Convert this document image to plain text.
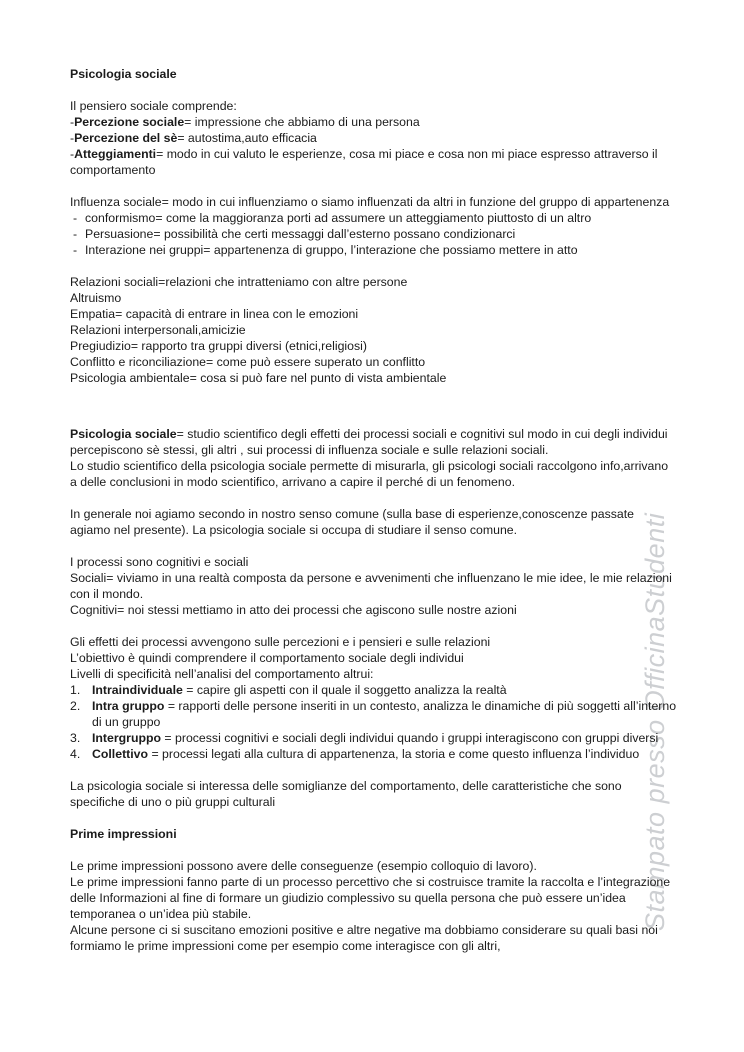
Stampato presso OfficinaStudenti
Psicologia sociale
Il pensiero sociale comprende:
-Percezione sociale= impressione che abbiamo di una persona
-Percezione del sè= autostima,auto efficacia
-Atteggiamenti= modo in cui valuto le esperienze, cosa mi piace e cosa non mi piace espresso attraverso il comportamento
Influenza sociale= modo in cui influenziamo o siamo influenzati da altri in funzione del gruppo di appartenenza
- conformismo= come la maggioranza porti ad assumere un atteggiamento piuttosto di un altro
- Persuasione= possibilità che certi messaggi dall’esterno possano condizionarci
- Interazione nei gruppi= appartenenza di gruppo, l’interazione che possiamo mettere in atto
Relazioni sociali=relazioni che intratteniamo con altre persone
Altruismo
Empatia= capacità di entrare in linea con le emozioni
Relazioni interpersonali,amicizie
Pregiudizio= rapporto tra gruppi diversi (etnici,religiosi)
Conflitto e riconciliazione= come può essere superato un conflitto
Psicologia ambientale= cosa si può fare nel punto di vista ambientale
Psicologia sociale= studio scientifico degli effetti dei processi sociali e cognitivi sul modo in cui degli individui percepiscono sè stessi, gli altri , sui processi di influenza sociale e sulle relazioni sociali.
Lo studio scientifico della psicologia sociale permette di misurarla, gli psicologi sociali raccolgono info,arrivano a delle conclusioni in modo scientifico, arrivano a capire il perché di un fenomeno.
In generale noi agiamo secondo in nostro senso comune (sulla base di esperienze,conoscenze passate agiamo nel presente). La psicologia sociale si occupa di studiare il senso comune.
I processi sono cognitivi e sociali
Sociali= viviamo in una realtà composta da persone e avvenimenti che influenzano le mie idee, le mie relazioni con il mondo.
Cognitivi= noi stessi mettiamo in atto dei processi che agiscono sulle nostre azioni
Gli effetti dei processi avvengono sulle percezioni e i pensieri e sulle relazioni
L’obiettivo è quindi comprendere il comportamento sociale degli individui
Livelli di specificità nell’analisi del comportamento altrui:
1. Intraindividuale = capire gli aspetti con il quale il soggetto analizza la realtà
2. Intra gruppo = rapporti delle persone inseriti in un contesto, analizza le dinamiche di più soggetti all’interno di un gruppo
3. Intergruppo = processi cognitivi e sociali degli individui quando i gruppi interagiscono con gruppi diversi
4. Collettivo = processi legati alla cultura di appartenenza, la storia e come questo influenza l’individuo
La psicologia sociale si interessa delle somiglianze del comportamento, delle caratteristiche che sono specifiche di uno o più gruppi culturali
Prime impressioni
Le prime impressioni possono avere delle conseguenze (esempio colloquio di lavoro).
Le prime impressioni fanno parte di un processo percettivo che si costruisce tramite la raccolta e l’integrazione delle Informazioni al fine di formare un giudizio complessivo su quella persona che può essere un’idea temporanea o un’idea più stabile.
Alcune persone ci si suscitano emozioni positive e altre negative ma dobbiamo considerare su quali basi noi formiamo le prime impressioni come per esempio come interagisce con gli altri,
